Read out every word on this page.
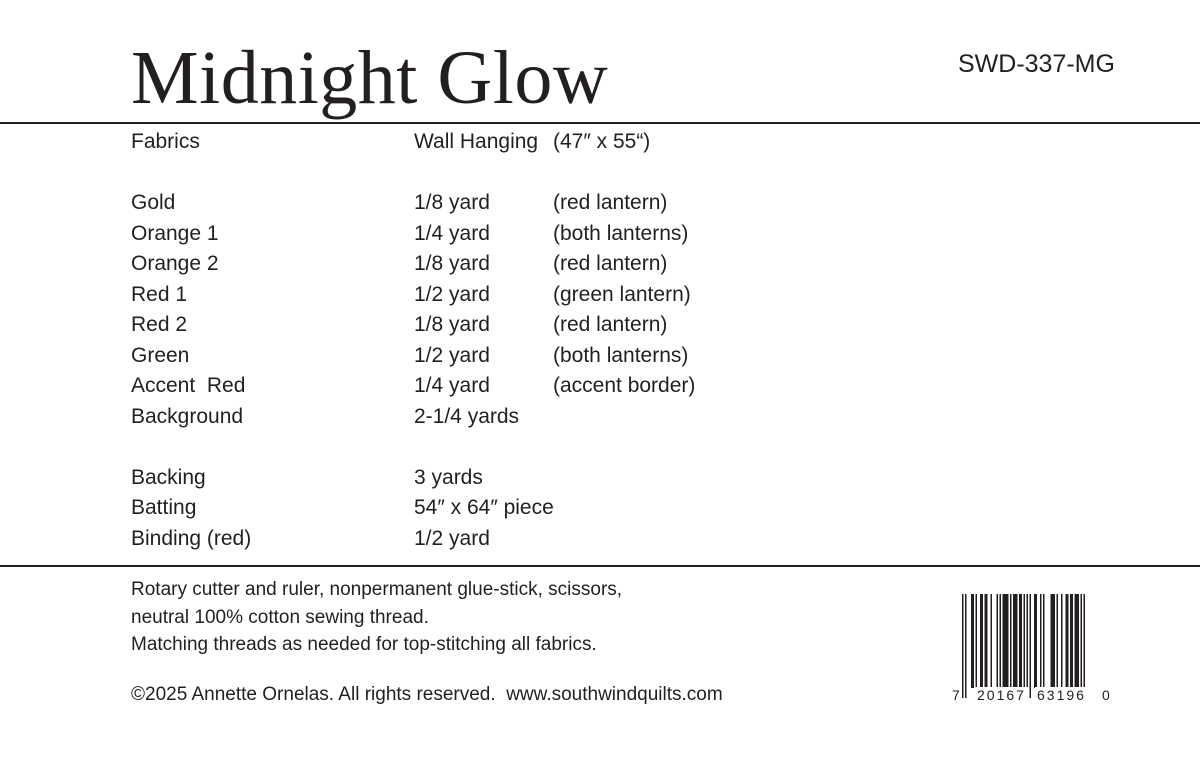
Midnight Glow	SWD-337-MG
Fabrics
Gold
Orange 1
Orange 2
Red 1
Red 2
Green
Accent  Red
Background
Backing
Batting
Binding (red)
Wall Hanging
1/8 yard
1/4 yard
1/8 yard
1/2 yard
1/8 yard
1/2 yard
1/4 yard
2-1/4 yards
3 yards
54″ x 64″ piece
1/2 yard
(47″ x 55“)
(red lantern)
(both lanterns)
(red lantern)
(green lantern)
(red lantern)
(both lanterns)
(accent border)
Rotary cutter and ruler, nonpermanent glue-stick, scissors,
neutral 100% cotton sewing thread.
Matching threads as needed for top-stitching all fabrics.
©2025 Annette Ornelas. All rights reserved.  www.southwindquilts.com	7 20167 63196 0
